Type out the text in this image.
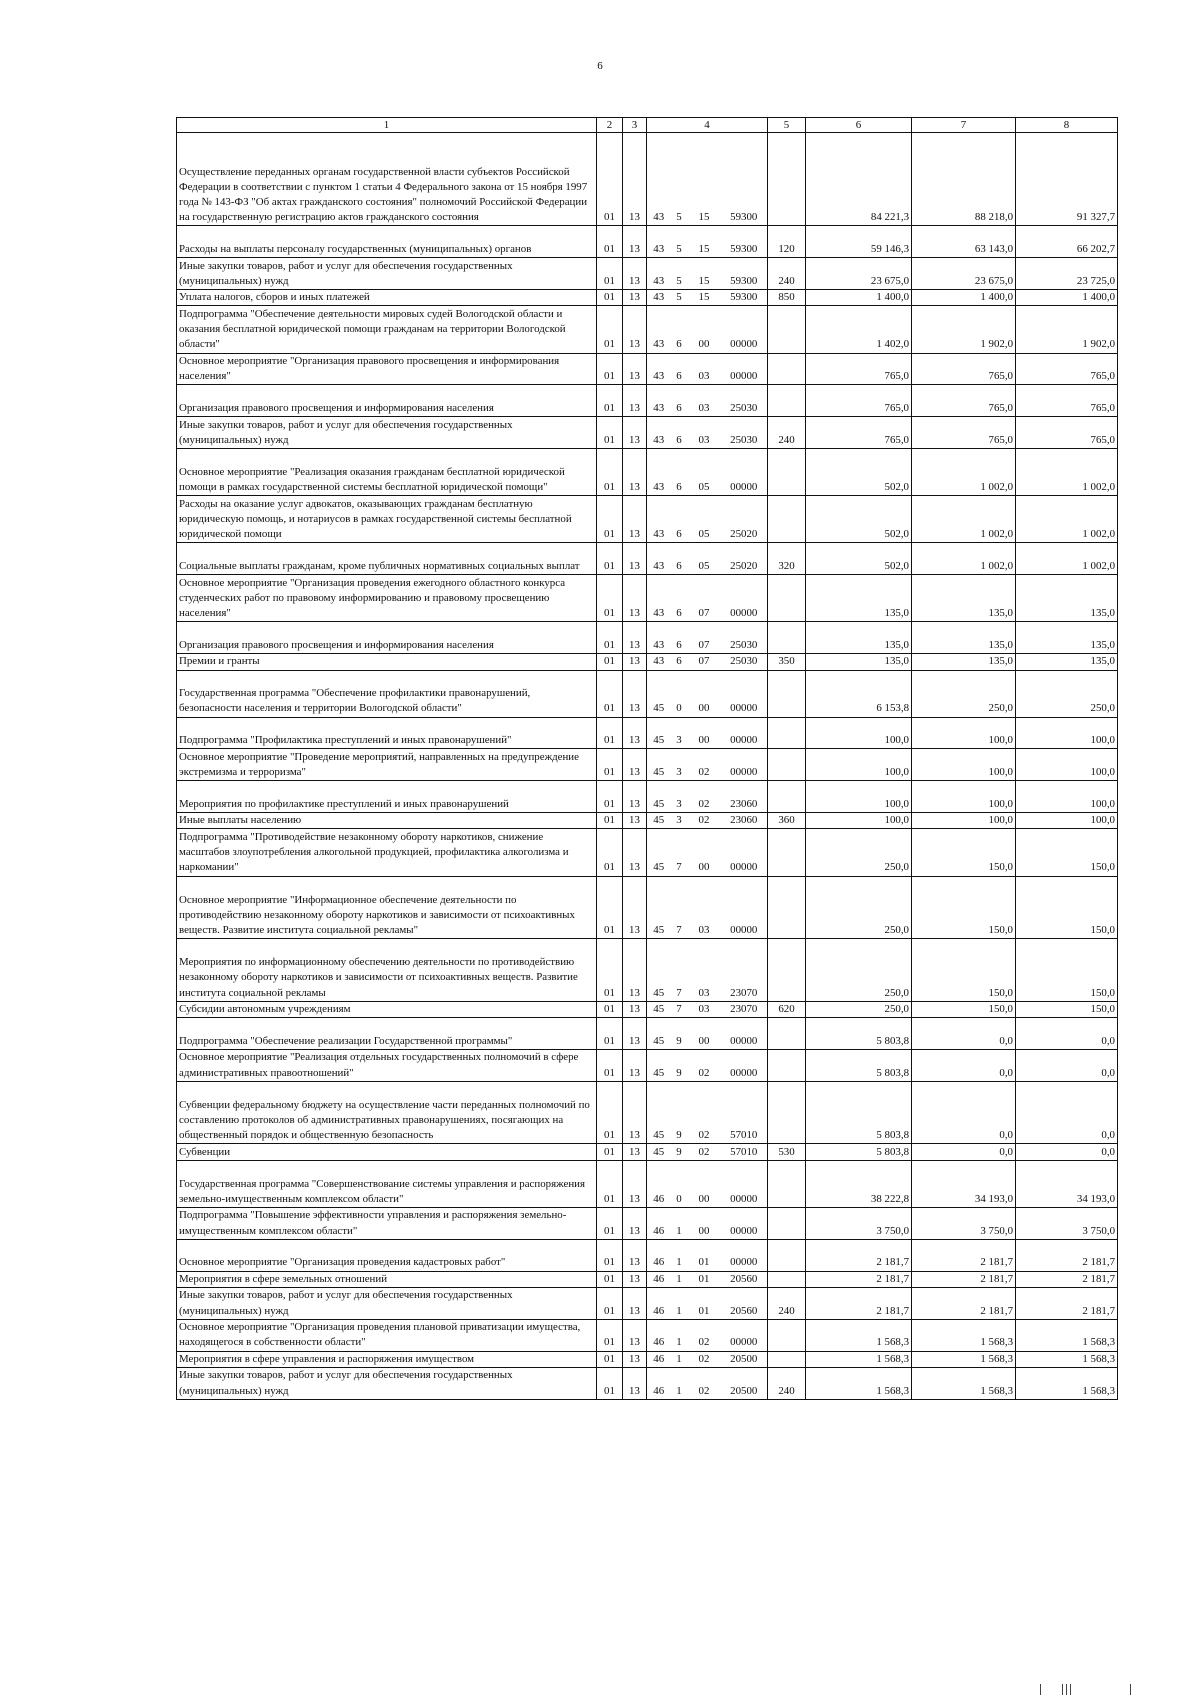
6
1	2	3	4				5	6	7	8
Осуществление переданных органам государственной власти субъектов Российской Федерации в соответствии с пунктом 1 статьи 4 Федерального закона от 15 ноября 1997 года № 143-ФЗ "Об актах гражданского состояния" полномочий Российской Федерации на государственную регистрацию актов гражданского состояния	01	13	43	5	15	59300		84 221,3	88 218,0	91 327,7
Расходы на выплаты персоналу государственных (муниципальных) органов	01	13	43	5	15	59300	120	59 146,3	63 143,0	66 202,7
Иные закупки товаров, работ и услуг для обеспечения государственных (муниципальных) нужд	01	13	43	5	15	59300	240	23 675,0	23 675,0	23 725,0
Уплата налогов, сборов и иных платежей	01	13	43	5	15	59300	850	1 400,0	1 400,0	1 400,0
Подпрограмма "Обеспечение деятельности мировых судей Вологодской области и оказания бесплатной юридической помощи гражданам на территории Вологодской области"	01	13	43	6	00	00000		1 402,0	1 902,0	1 902,0
Основное мероприятие "Организация правового просвещения и информирования населения"	01	13	43	6	03	00000		765,0	765,0	765,0
Организация правового просвещения и информирования населения	01	13	43	6	03	25030		765,0	765,0	765,0
Иные закупки товаров, работ и услуг для обеспечения государственных (муниципальных) нужд	01	13	43	6	03	25030	240	765,0	765,0	765,0
Основное мероприятие "Реализация оказания гражданам бесплатной юридической помощи в рамках государственной системы бесплатной юридической помощи"	01	13	43	6	05	00000		502,0	1 002,0	1 002,0
Расходы на оказание услуг адвокатов, оказывающих гражданам бесплатную юридическую помощь, и нотариусов в рамках государственной системы бесплатной юридической помощи	01	13	43	6	05	25020		502,0	1 002,0	1 002,0
Социальные выплаты гражданам, кроме публичных нормативных социальных выплат	01	13	43	6	05	25020	320	502,0	1 002,0	1 002,0
Основное мероприятие "Организация проведения ежегодного областного конкурса студенческих работ по правовому информированию и правовому просвещению населения"	01	13	43	6	07	00000		135,0	135,0	135,0
Организация правового просвещения и информирования населения	01	13	43	6	07	25030		135,0	135,0	135,0
Премии и гранты	01	13	43	6	07	25030	350	135,0	135,0	135,0
Государственная программа "Обеспечение профилактики правонарушений, безопасности населения и территории Вологодской области"	01	13	45	0	00	00000		6 153,8	250,0	250,0
Подпрограмма "Профилактика преступлений и иных правонарушений"	01	13	45	3	00	00000		100,0	100,0	100,0
Основное мероприятие "Проведение мероприятий, направленных на предупреждение экстремизма и терроризма"	01	13	45	3	02	00000		100,0	100,0	100,0
Мероприятия по профилактике преступлений и иных правонарушений	01	13	45	3	02	23060		100,0	100,0	100,0
Иные выплаты населению	01	13	45	3	02	23060	360	100,0	100,0	100,0
Подпрограмма "Противодействие незаконному обороту наркотиков, снижение масштабов злоупотребления алкогольной продукцией, профилактика алкоголизма и наркомании"	01	13	45	7	00	00000		250,0	150,0	150,0
Основное мероприятие "Информационное обеспечение деятельности по противодействию незаконному обороту наркотиков и зависимости от психоактивных веществ. Развитие института социальной рекламы"	01	13	45	7	03	00000		250,0	150,0	150,0
Мероприятия по информационному обеспечению деятельности по противодействию незаконному обороту наркотиков и зависимости от психоактивных веществ. Развитие института социальной рекламы	01	13	45	7	03	23070		250,0	150,0	150,0
Субсидии автономным учреждениям	01	13	45	7	03	23070	620	250,0	150,0	150,0
Подпрограмма "Обеспечение реализации Государственной программы"	01	13	45	9	00	00000		5 803,8	0,0	0,0
Основное мероприятие "Реализация отдельных государственных полномочий в сфере административных правоотношений"	01	13	45	9	02	00000		5 803,8	0,0	0,0
Субвенции федеральному бюджету на осуществление части переданных полномочий по составлению протоколов об административных правонарушениях, посягающих на общественный порядок и общественную безопасность	01	13	45	9	02	57010		5 803,8	0,0	0,0
Субвенции	01	13	45	9	02	57010	530	5 803,8	0,0	0,0
Государственная программа "Совершенствование системы управления и распоряжения земельно-имущественным комплексом области"	01	13	46	0	00	00000		38 222,8	34 193,0	34 193,0
Подпрограмма "Повышение эффективности управления и распоряжения земельно-имущественным комплексом области"	01	13	46	1	00	00000		3 750,0	3 750,0	3 750,0
Основное мероприятие "Организация проведения кадастровых работ"	01	13	46	1	01	00000		2 181,7	2 181,7	2 181,7
Мероприятия в сфере земельных отношений	01	13	46	1	01	20560		2 181,7	2 181,7	2 181,7
Иные закупки товаров, работ и услуг для обеспечения государственных (муниципальных) нужд	01	13	46	1	01	20560	240	2 181,7	2 181,7	2 181,7
Основное мероприятие "Организация проведения плановой приватизации имущества, находящегося в собственности области"	01	13	46	1	02	00000		1 568,3	1 568,3	1 568,3
Мероприятия в сфере управления и распоряжения имуществом	01	13	46	1	02	20500		1 568,3	1 568,3	1 568,3
Иные закупки товаров, работ и услуг для обеспечения государственных (муниципальных) нужд	01	13	46	1	02	20500	240	1 568,3	1 568,3	1 568,3
